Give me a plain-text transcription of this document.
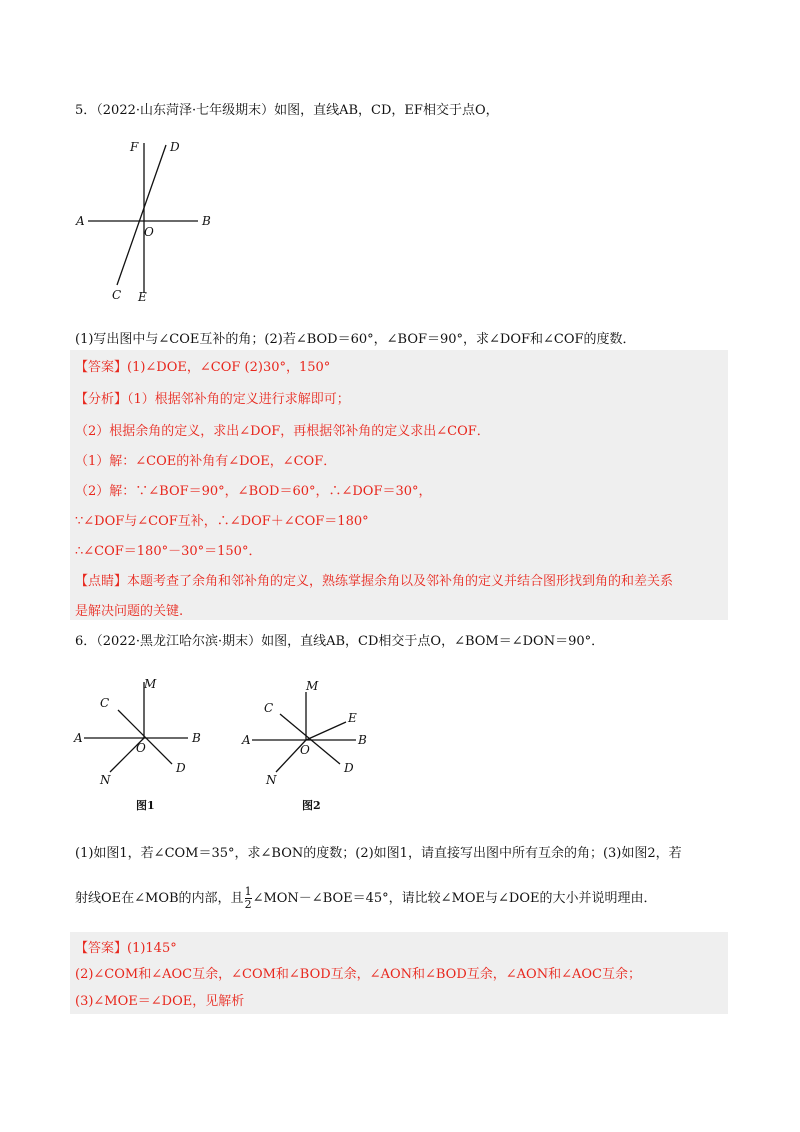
5．（2022·山东菏泽·七年级期末）如图，直线AB，CD，EF相交于点O，
F	D
A
O
B
C E
(1)写出图中与∠COE互补的角；(2)若∠BOD＝60°，∠BOF＝90°，求∠DOF和∠COF的度数．
【答案】(1)∠DOE，∠COF (2)30°，150°
【分析】（1）根据邻补角的定义进行求解即可；
（2）根据余角的定义，求出∠DOF，再根据邻补角的定义求出∠COF．
（1）解：∠COE的补角有∠DOE，∠COF．
（2）解：∵∠BOF＝90°，∠BOD＝60°，∴∠DOF＝30°，
∵∠DOF与∠COF互补，∴∠DOF＋∠COF＝180°
∴∠COF＝180°－30°＝150°．
【点睛】本题考查了余角和邻补角的定义，熟练掌握余角以及邻补角的定义并结合图形找到角的和差关系
是解决问题的关键.
6．（2022·黑龙江哈尔滨·期末）如图，直线AB，CD相交于点O，∠BOM＝∠DON＝90°．
C
M
A
O
B
N
D
图1
M
C
E
A
O
B
N
D
图2
(1)如图1，若∠COM＝35°，求∠BON的度数；(2)如图1，请直接写出图中所有互余的角；(3)如图2，若
射线OE在∠MOB的内部，且 $\frac{1}{2}$ ∠MON－∠BOE＝45°，请比较∠MOE与∠DOE的大小并说明理由．
【答案】(1)145°
(2)∠COM和∠AOC互余，∠COM和∠BOD互余，∠AON和∠BOD互余，∠AON和∠AOC互余；
(3)∠MOE＝∠DOE，见解析
